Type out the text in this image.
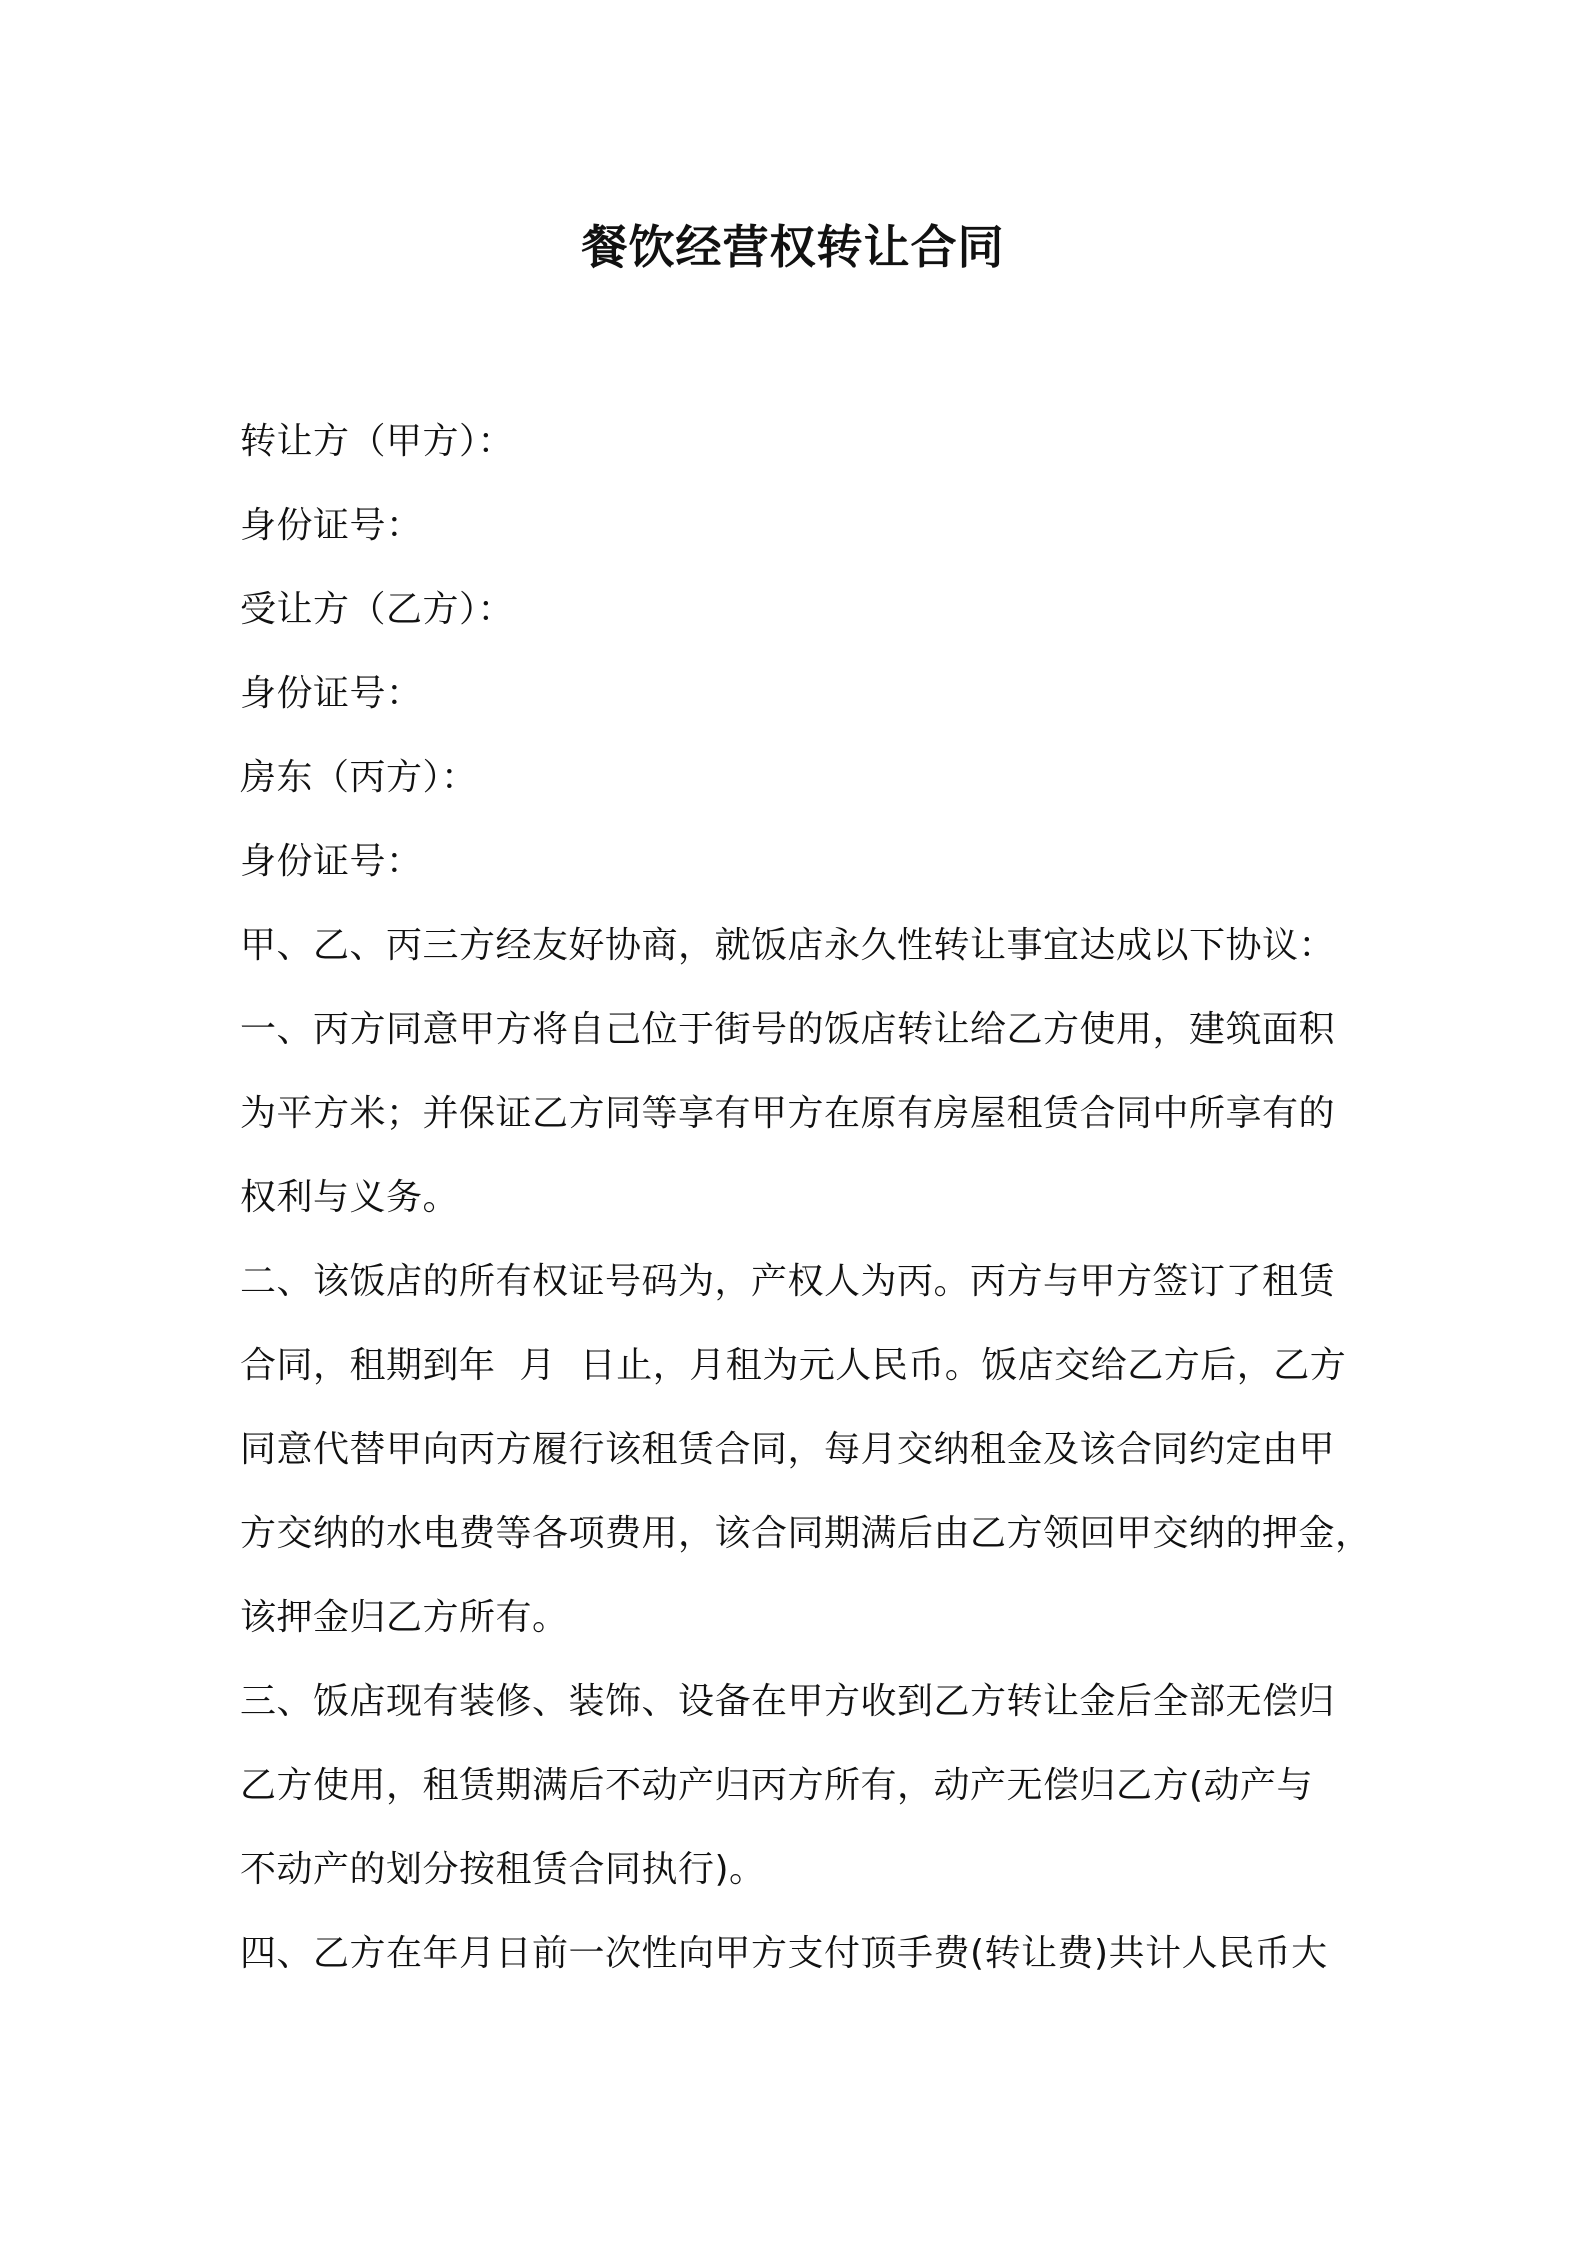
餐饮经营权转让合同
转让方（甲方）：
身份证号：
受让方（乙方）：
身份证号：
房东（丙方）：
身份证号：
甲、乙、丙三方经友好协商，就饭店永久性转让事宜达成以下协议：
一、丙方同意甲方将自己位于街号的饭店转让给乙方使用，建筑面积
为平方米；并保证乙方同等享有甲方在原有房屋租赁合同中所享有的
权利与义务。
二、该饭店的所有权证号码为，产权人为丙。丙方与甲方签订了租赁
合同，租期到年  月  日止，月租为元人民币。饭店交给乙方后，乙方
同意代替甲向丙方履行该租赁合同，每月交纳租金及该合同约定由甲
方交纳的水电费等各项费用，该合同期满后由乙方领回甲交纳的押金，
该押金归乙方所有。
三、饭店现有装修、装饰、设备在甲方收到乙方转让金后全部无偿归
乙方使用，租赁期满后不动产归丙方所有，动产无偿归乙方(动产与
不动产的划分按租赁合同执行)。
四、乙方在年月日前一次性向甲方支付顶手费(转让费)共计人民币大
